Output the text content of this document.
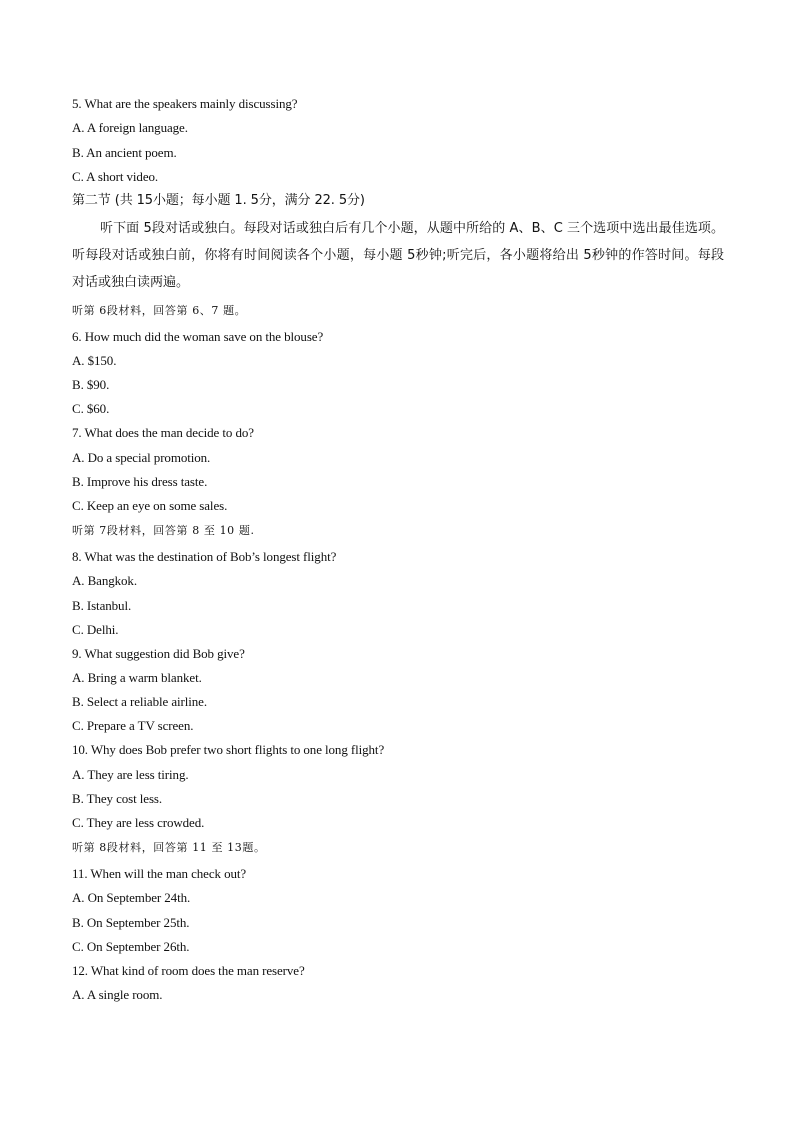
5. What are the speakers mainly discussing?
A. A foreign language.
B. An ancient poem.
C. A short video.
第二节 (共 15小题；每小题 1. 5分，满分 22. 5分)
听下面 5段对话或独白。每段对话或独白后有几个小题，从题中所给的 A、B、C 三个选项中选出最佳选项。听每段对话或独白前，你将有时间阅读各个小题，每小题 5秒钟;听完后，各小题将给出 5秒钟的作答时间。每段对话或独白读两遍。
听第 6段材料，回答第 6、7 题。
6. How much did the woman save on the blouse?
A. $150.
B. $90.
C. $60.
7. What does the man decide to do?
A. Do a special promotion.
B. Improve his dress taste.
C. Keep an eye on some sales.
听第 7段材料，回答第 8 至 10 题.
8. What was the destination of Bob’s longest flight?
A. Bangkok.
B. Istanbul.
C. Delhi.
9. What suggestion did Bob give?
A. Bring a warm blanket.
B. Select a reliable airline.
C. Prepare a TV screen.
10. Why does Bob prefer two short flights to one long flight?
A. They are less tiring.
B. They cost less.
C. They are less crowded.
听第 8段材料，回答第 11 至 13题。
11. When will the man check out?
A. On September 24th.
B. On September 25th.
C. On September 26th.
12. What kind of room does the man reserve?
A. A single room.
